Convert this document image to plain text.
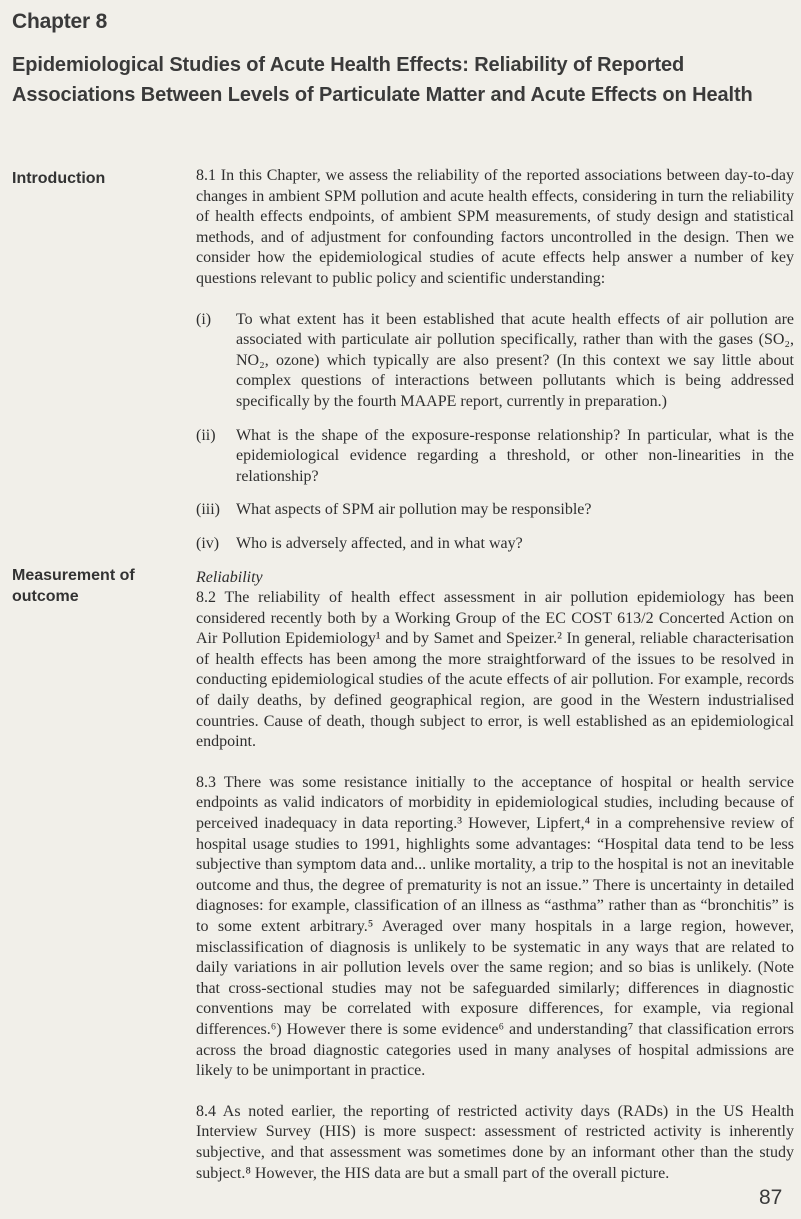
Chapter 8
Epidemiological Studies of Acute Health Effects: Reliability of Reported Associations Between Levels of Particulate Matter and Acute Effects on Health
Introduction
Measurement of outcome

8.1 In this Chapter, we assess the reliability of the reported associations between day-to-day changes in ambient SPM pollution and acute health effects, considering in turn the reliability of health effects endpoints, of ambient SPM measurements, of study design and statistical methods, and of adjustment for confounding factors uncontrolled in the design. Then we consider how the epidemiological studies of acute effects help answer a number of key questions relevant to public policy and scientific understanding:

(i)	To what extent has it been established that acute health effects of air pollution are associated with particulate air pollution specifically, rather than with the gases (SO₂, NO₂, ozone) which typically are also present? (In this context we say little about complex questions of interactions between pollutants which is being addressed specifically by the fourth MAAPE report, currently in preparation.)
(ii)	What is the shape of the exposure-response relationship? In particular, what is the epidemiological evidence regarding a threshold, or other non-linearities in the relationship?
(iii)	What aspects of SPM air pollution may be responsible?
(iv)	Who is adversely affected, and in what way?
Reliability

8.2 The reliability of health effect assessment in air pollution epidemiology has been considered recently both by a Working Group of the EC COST 613/2 Concerted Action on Air Pollution Epidemiology¹ and by Samet and Speizer.² In general, reliable characterisation of health effects has been among the more straightforward of the issues to be resolved in conducting epidemiological studies of the acute effects of air pollution. For example, records of daily deaths, by defined geographical region, are good in the Western industrialised countries. Cause of death, though subject to error, is well established as an epidemiological endpoint.

8.3 There was some resistance initially to the acceptance of hospital or health service endpoints as valid indicators of morbidity in epidemiological studies, including because of perceived inadequacy in data reporting.³ However, Lipfert,⁴ in a comprehensive review of hospital usage studies to 1991, highlights some advantages: “Hospital data tend to be less subjective than symptom data and... unlike mortality, a trip to the hospital is not an inevitable outcome and thus, the degree of prematurity is not an issue.” There is uncertainty in detailed diagnoses: for example, classification of an illness as “asthma” rather than as “bronchitis” is to some extent arbitrary.⁵ Averaged over many hospitals in a large region, however, misclassification of diagnosis is unlikely to be systematic in any ways that are related to daily variations in air pollution levels over the same region; and so bias is unlikely. (Note that cross-sectional studies may not be safeguarded similarly; differences in diagnostic conventions may be correlated with exposure differences, for example, via regional differences.⁶) However there is some evidence⁶ and understanding⁷ that classification errors across the broad diagnostic categories used in many analyses of hospital admissions are likely to be unimportant in practice.

8.4 As noted earlier, the reporting of restricted activity days (RADs) in the US Health Interview Survey (HIS) is more suspect: assessment of restricted activity is inherently subjective, and that assessment was sometimes done by an informant other than the study subject.⁸ However, the HIS data are but a small part of the overall picture.

87
